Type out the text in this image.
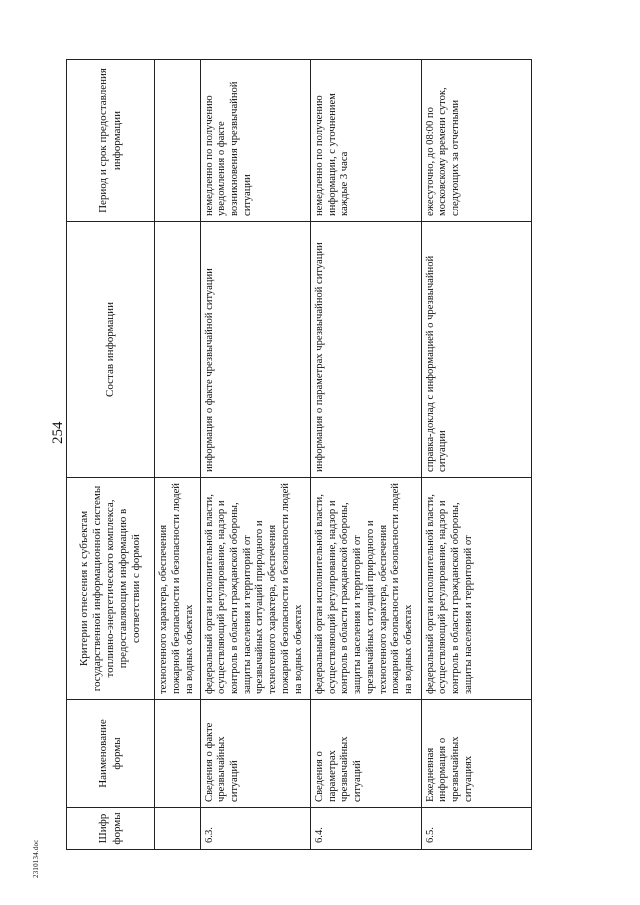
254
Шифр формы	Наименование формы	Критерии отнесения к субъектам государственной информационной системы топливно-энергетического комплекса, предоставляющим информацию в соответствии с формой	Состав информации	Период и срок предоставления информации
		техногенного характера, обеспечения пожарной безопасности и безопасности людей на водных объектах		
6.3.	Сведения о факте чрезвычайных ситуаций	федеральный орган исполнительной власти, осуществляющий регулирование, надзор и контроль в области гражданской обороны, защиты населения и территорий от чрезвычайных ситуаций природного и техногенного характера, обеспечения пожарной безопасности и безопасности людей на водных объектах	информация о факте чрезвычайной ситуации	немедленно по получению уведомления о факте возникновения чрезвычайной ситуации
6.4.	Сведения о параметрах чрезвычайных ситуаций	федеральный орган исполнительной власти, осуществляющий регулирование, надзор и контроль в области гражданской обороны, защиты населения и территорий от чрезвычайных ситуаций природного и техногенного характера, обеспечения пожарной безопасности и безопасности людей на водных объектах	информация о параметрах чрезвычайной ситуации	немедленно по получению информации, с уточнением каждые 3 часа
6.5.	Ежедневная информация о чрезвычайных ситуациях	федеральный орган исполнительной власти, осуществляющий регулирование, надзор и контроль в области гражданской обороны, защиты населения и территорий от	справка-доклад с информацией о чрезвычайной ситуации	ежесуточно, до 08:00 по московскому времени суток, следующих за отчетными
2310134.doc
